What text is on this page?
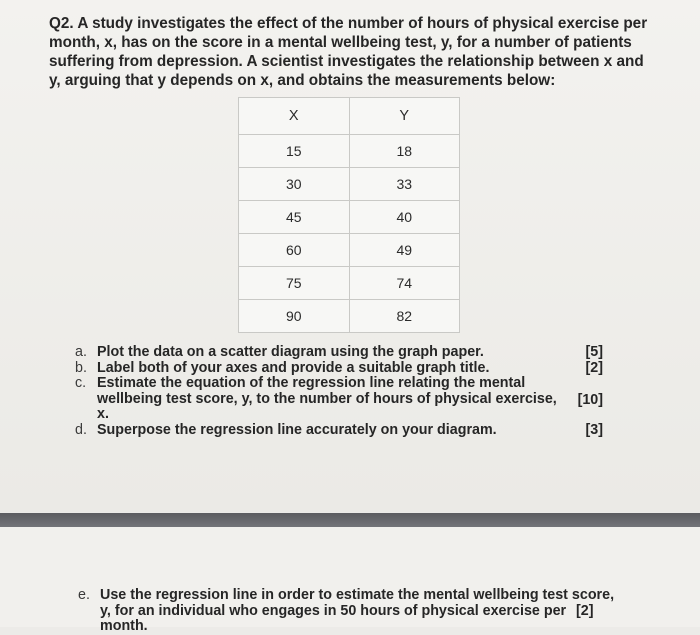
Q2. A study investigates the effect of the number of hours of physical exercise per month, x, has on the score in a mental wellbeing test, y, for a number of patients suffering from depression. A scientist investigates the relationship between x and y, arguing that y depends on x, and obtains the measurements below:

X	Y
15	18
30	33
45	40
60	49
75	74
90	82
a. Plot the data on a scatter diagram using the graph paper.	[5]
b. Label both of your axes and provide a suitable graph title.	[2]
c. Estimate the equation of the regression line relating the mental wellbeing test score, y, to the number of hours of physical exercise, x.
[10]
d. Superpose the regression line accurately on your diagram.	[3]
e. Use the regression line in order to estimate the mental wellbeing test score, y, for an individual who engages in 50 hours of physical exercise per month.
[2]
